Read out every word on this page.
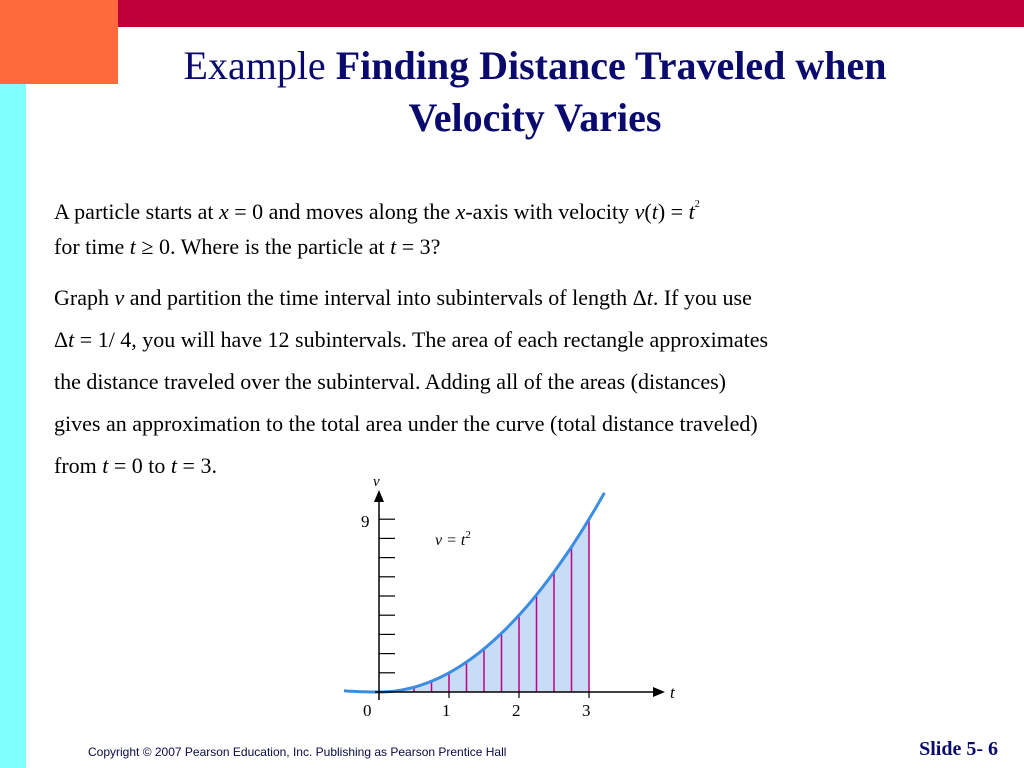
Example Finding Distance Traveled when
Velocity Varies
A particle starts at x = 0 and moves along the x-axis with velocity $v(t) = t^2$
for time t ≥ 0. Where is the particle at t = 3?
Graph v and partition the time interval into subintervals of length Δt. If you use
Δt = 1/ 4, you will have 12 subintervals. The area of each rectangle approximates
the distance traveled over the subinterval. Adding all of the areas (distances)
gives an approximation to the total area under the curve (total distance traveled)
from t = 0 to t = 3.
v
t
9
0	1	2	3
$v = t^2$
Copyright © 2007 Pearson Education, Inc. Publishing as Pearson Prentice Hall	Slide 5- 6
